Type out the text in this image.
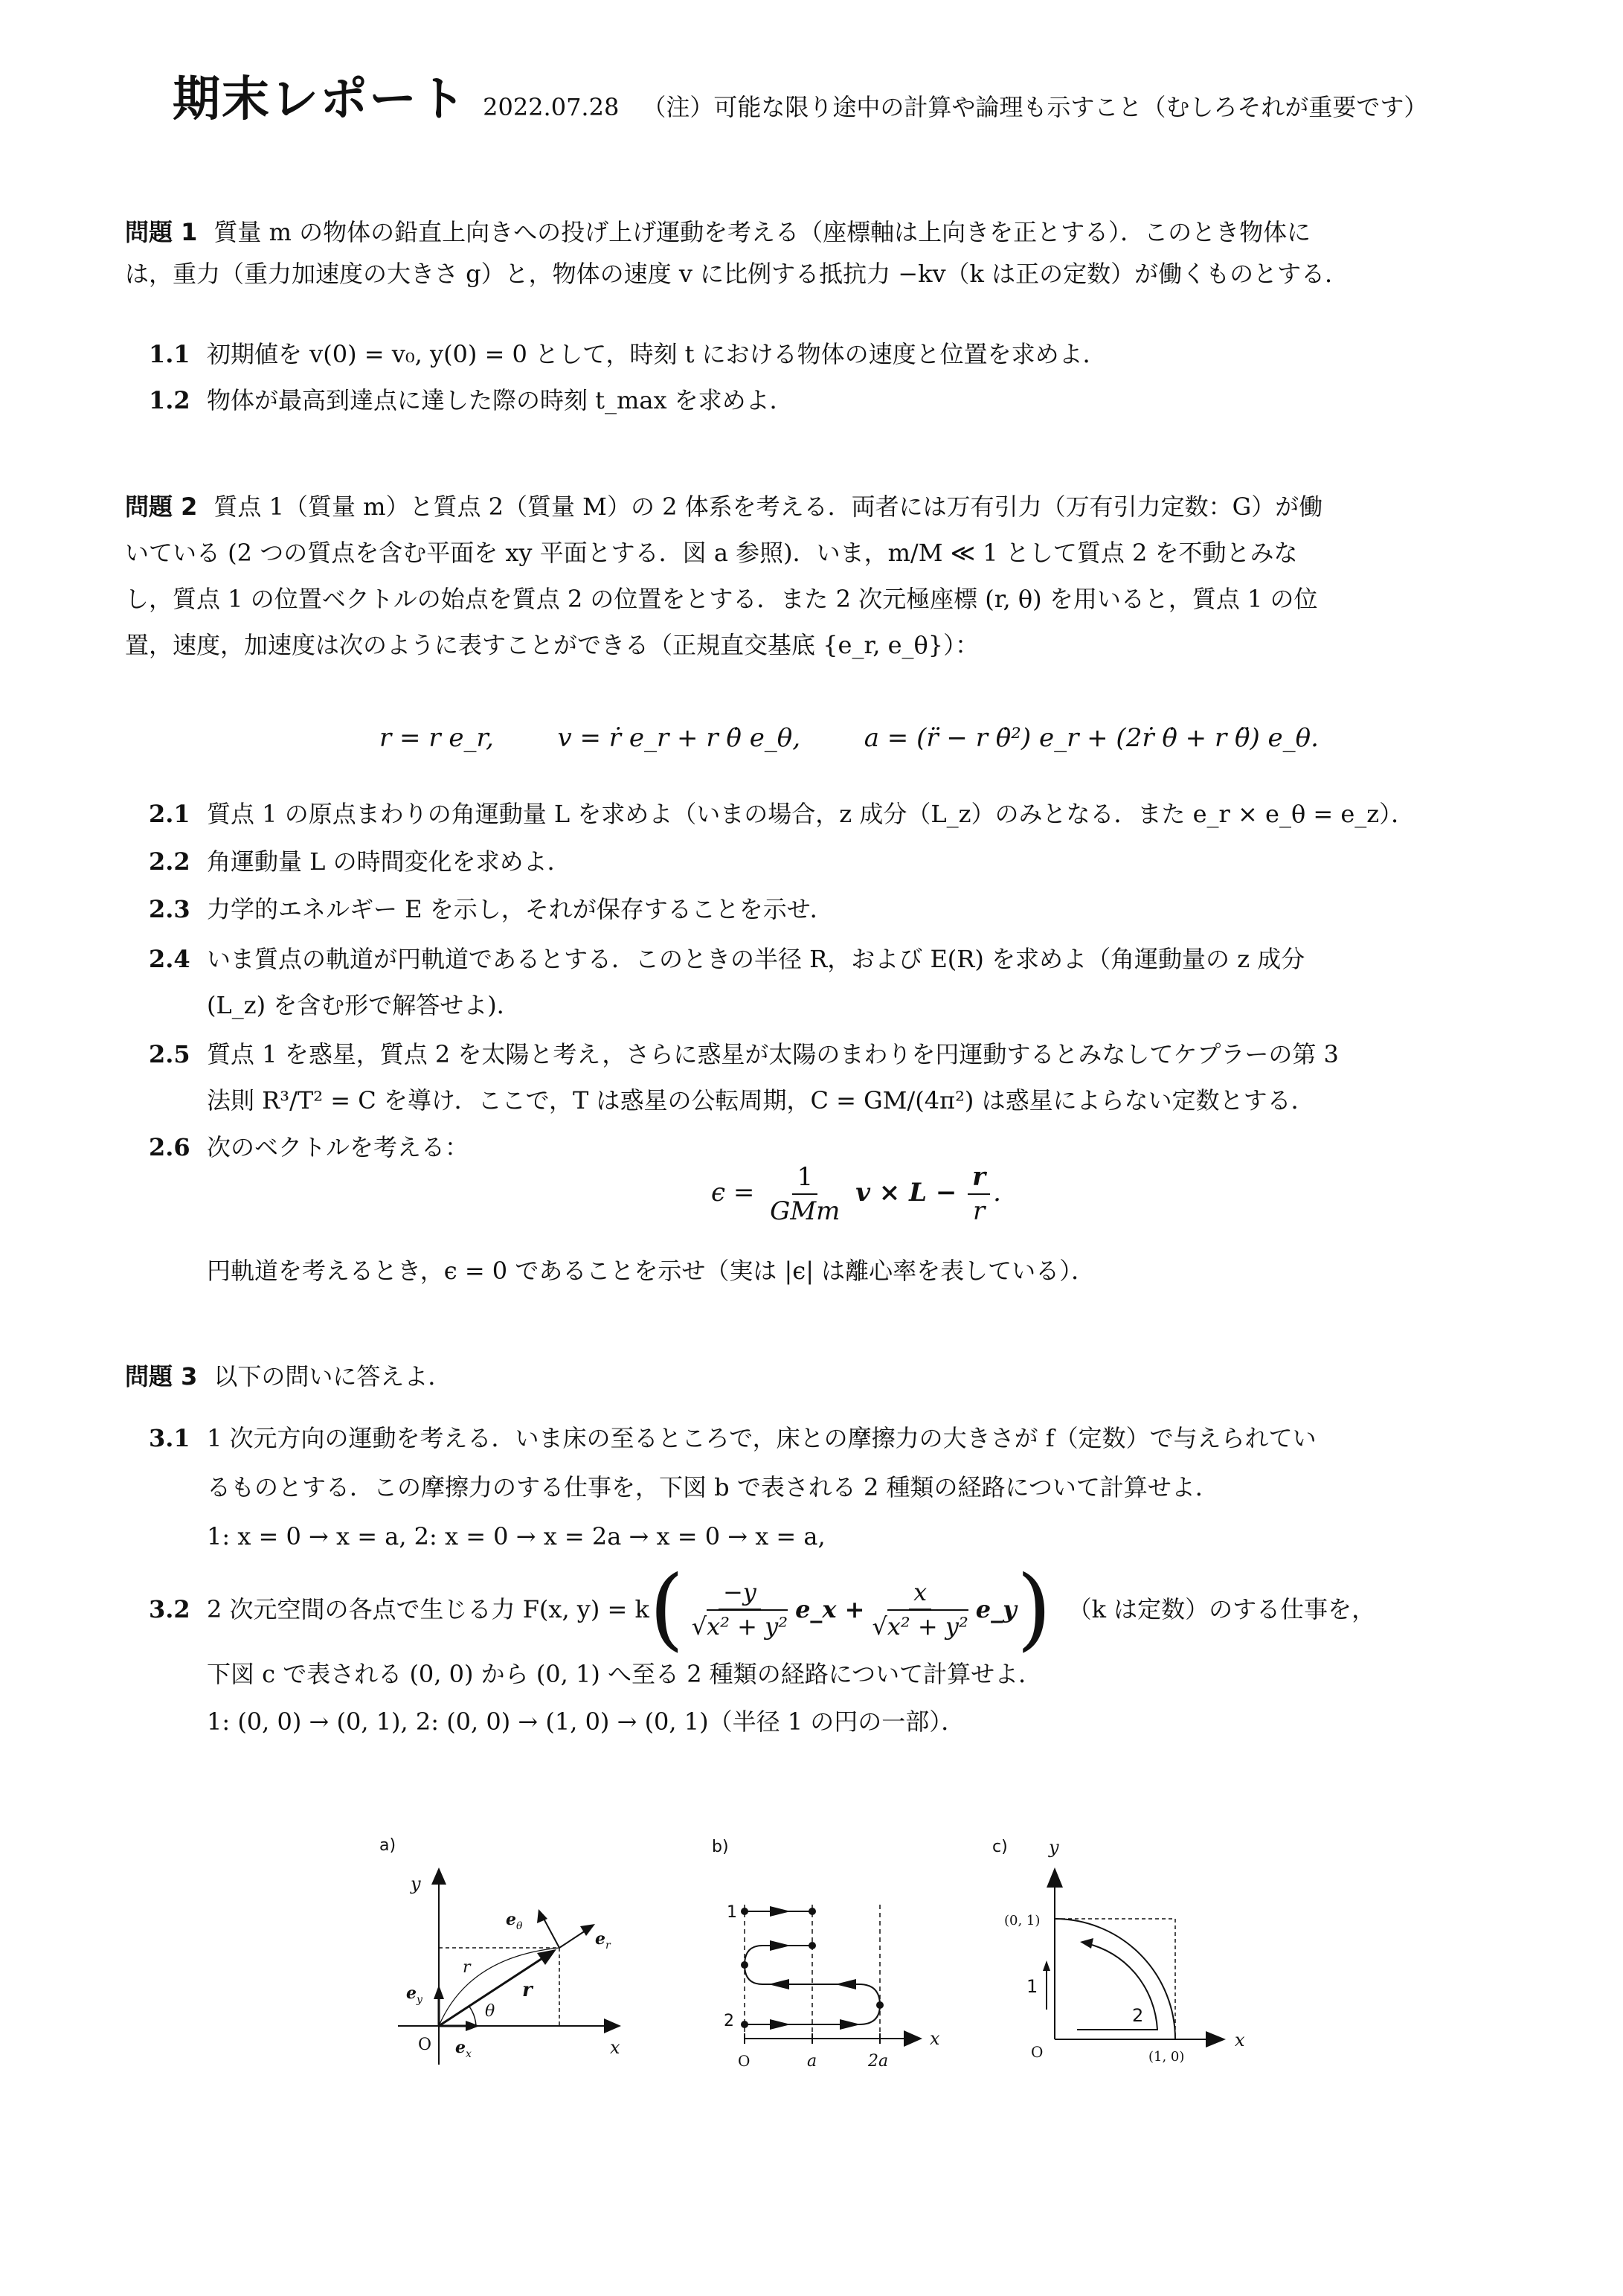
期末レポート 2022.07.28 （注）可能な限り途中の計算や論理も示すこと（むしろそれが重要です）
問題 1 質量 m の物体の鉛直上向きへの投げ上げ運動を考える（座標軸は上向きを正とする）．このとき物体に
は，重力（重力加速度の大きさ g）と，物体の速度 v に比例する抵抗力 −kv（k は正の定数）が働くものとする．
1.1 初期値を v(0) = v₀, y(0) = 0 として，時刻 t における物体の速度と位置を求めよ．
1.2 物体が最高到達点に達した際の時刻 t_max を求めよ．
問題 2 質点 1（質量 m）と質点 2（質量 M）の 2 体系を考える．両者には万有引力（万有引力定数：G）が働
いている (2 つの質点を含む平面を xy 平面とする．図 a 参照)．いま，m/M ≪ 1 として質点 2 を不動とみな
し，質点 1 の位置ベクトルの始点を質点 2 の位置をとする．また 2 次元極座標 (r, θ) を用いると，質点 1 の位
置，速度，加速度は次のように表すことができる（正規直交基底 {e_r, e_θ}）：
r = r e_r,	v = ṙ e_r + r θ̇ e_θ,	a = (r̈ − r θ̇²) e_r + (2ṙ θ̇ + r θ̈) e_θ.
2.1 質点 1 の原点まわりの角運動量 L を求めよ（いまの場合，z 成分（L_z）のみとなる．また e_r × e_θ = e_z）．
2.2 角運動量 L の時間変化を求めよ．
2.3 力学的エネルギー E を示し，それが保存することを示せ．
2.4 いま質点の軌道が円軌道であるとする．このときの半径 R，および E(R) を求めよ（角運動量の z 成分
(L_z) を含む形で解答せよ)．
2.5 質点 1 を惑星，質点 2 を太陽と考え，さらに惑星が太陽のまわりを円運動するとみなしてケプラーの第 3
法則 R³/T² = C を導け．ここで，T は惑星の公転周期，C = GM/(4π²) は惑星によらない定数とする．
2.6 次のベクトルを考える：
$\epsilon = \frac{1}{\text{GMm}}$ $v \times L - \frac{r}{r}$ .
円軌道を考えるとき，ϵ = 0 であることを示せ（実は |ϵ| は離心率を表している）．
問題 3 以下の問いに答えよ．
3.1 1 次元方向の運動を考える．いま床の至るところで，床との摩擦力の大きさが f（定数）で与えられてい
るものとする．この摩擦力のする仕事を，下図 b で表される 2 種類の経路について計算せよ．
1: x = 0 → x = a, 2: x = 0 → x = 2a → x = 0 → x = a,
3.2 2 次元空間の各点で生じる力 F(x, y) = k ( $\frac{-y}{\text{√x² + y²}}$ e_x + $\frac{x}{\text{√x² + y²}}$ e_y ) （k は定数）のする仕事を，
下図 c で表される (0, 0) から (0, 1) へ至る 2 種類の経路について計算せよ．
1: (0, 0) → (0, 1), 2: (0, 0) → (1, 0) → (0, 1)（半径 1 の円の一部）．
a)
x
y
O $e_x$
$e_y$
$e_r$
$e_\theta$
r
r
θ
b)
x
O	a	2a
1
2
c) y
x
O
2
1
(0, 1)
(1, 0)
